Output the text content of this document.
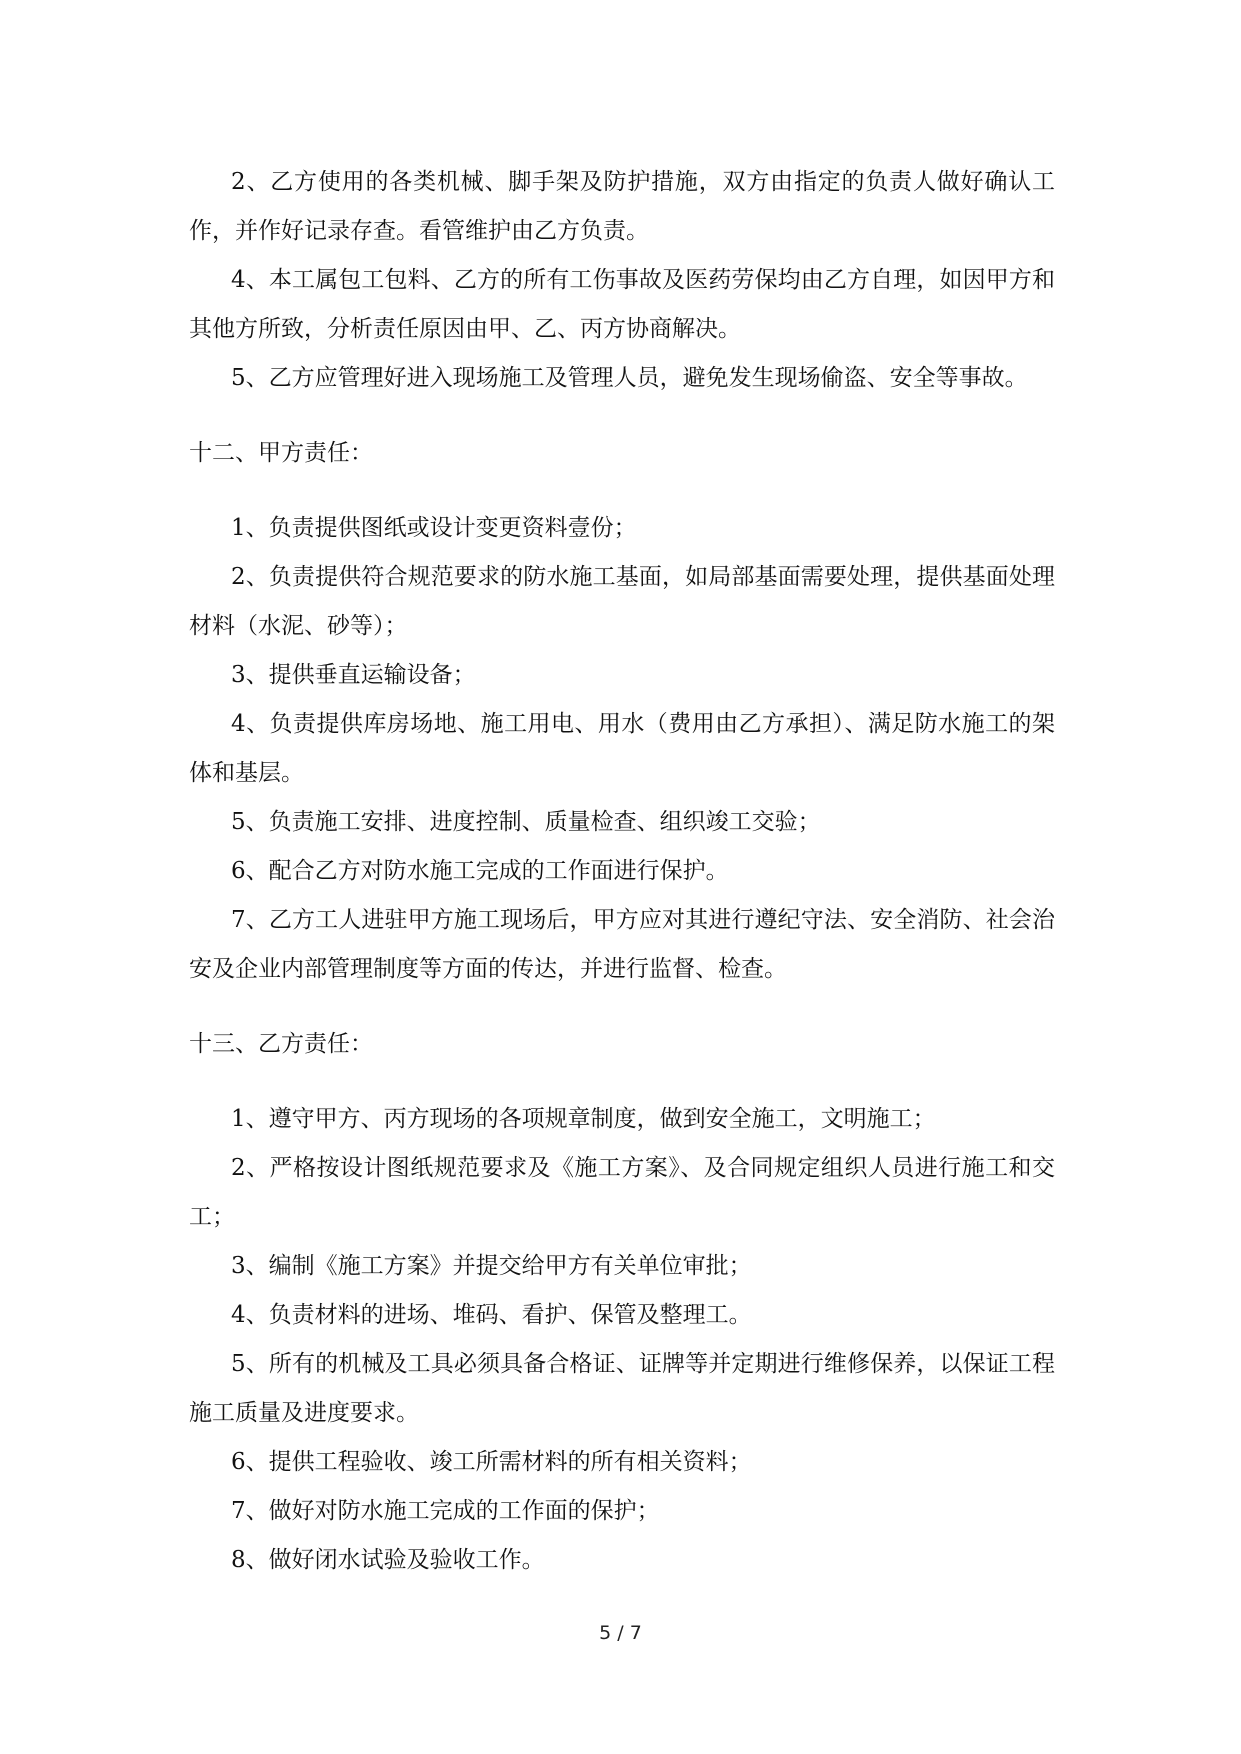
2、乙方使用的各类机械、脚手架及防护措施，双方由指定的负责人做好确认工作，并作好记录存查。看管维护由乙方负责。

4、本工属包工包料、乙方的所有工伤事故及医药劳保均由乙方自理，如因甲方和其他方所致，分析责任原因由甲、乙、丙方协商解决。

5、乙方应管理好进入现场施工及管理人员，避免发生现场偷盗、安全等事故。

十二、甲方责任：

1、负责提供图纸或设计变更资料壹份；

2、负责提供符合规范要求的防水施工基面，如局部基面需要处理，提供基面处理材料（水泥、砂等）；

3、提供垂直运输设备；

4、负责提供库房场地、施工用电、用水（费用由乙方承担）、满足防水施工的架体和基层。

5、负责施工安排、进度控制、质量检查、组织竣工交验；

6、配合乙方对防水施工完成的工作面进行保护。

7、乙方工人进驻甲方施工现场后，甲方应对其进行遵纪守法、安全消防、社会治安及企业内部管理制度等方面的传达，并进行监督、检查。

十三、乙方责任：

1、遵守甲方、丙方现场的各项规章制度，做到安全施工，文明施工；

2、严格按设计图纸规范要求及《施工方案》、及合同规定组织人员进行施工和交工；

3、编制《施工方案》并提交给甲方有关单位审批；

4、负责材料的进场、堆码、看护、保管及整理工。

5、所有的机械及工具必须具备合格证、证牌等并定期进行维修保养，以保证工程施工质量及进度要求。

6、提供工程验收、竣工所需材料的所有相关资料；

7、做好对防水施工完成的工作面的保护；

8、做好闭水试验及验收工作。

5 / 7
